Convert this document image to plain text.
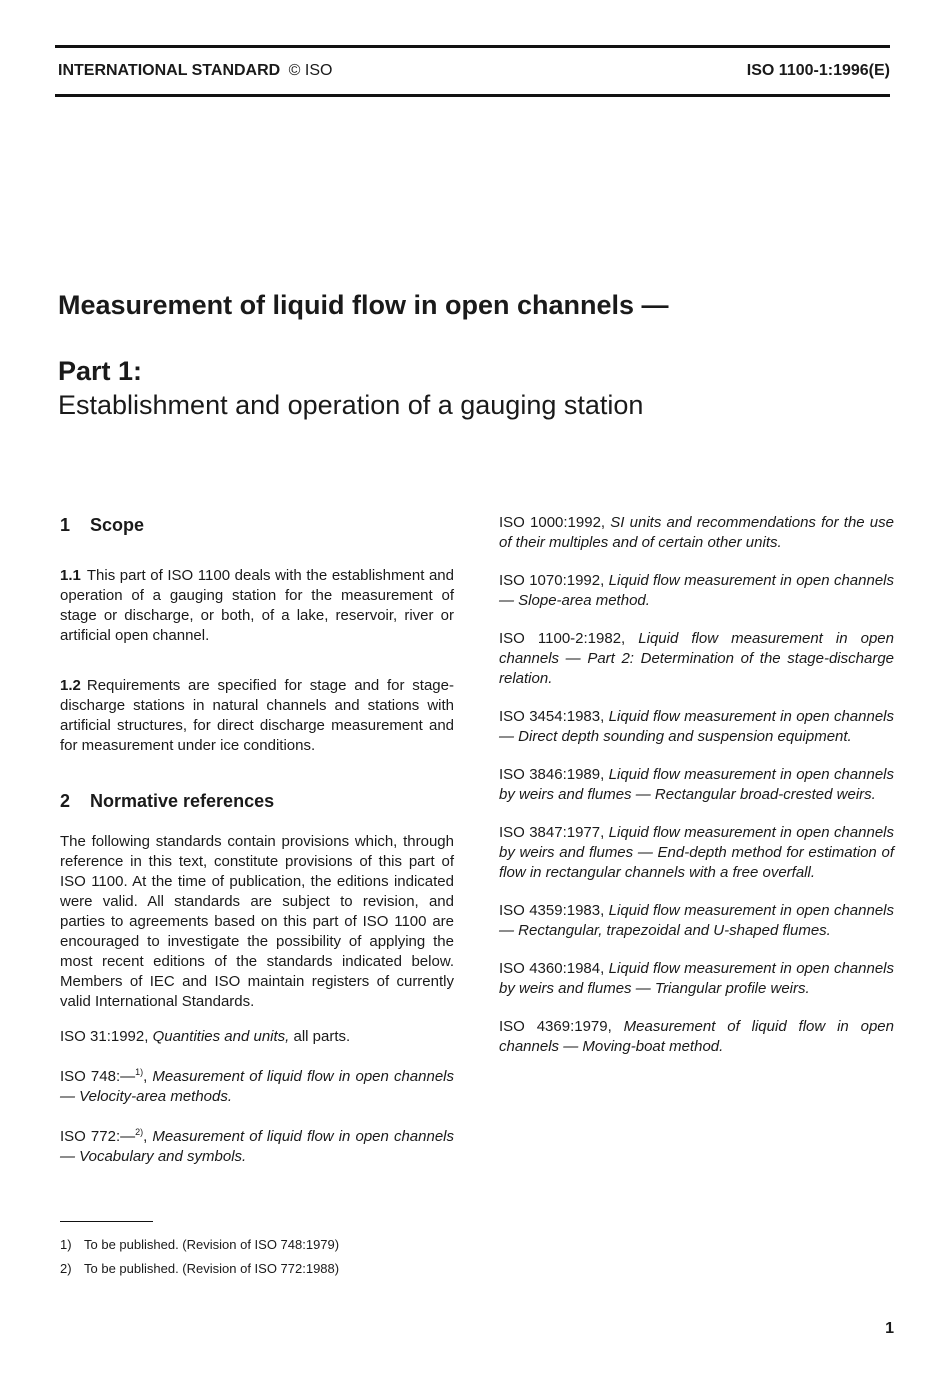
INTERNATIONAL STANDARD © ISO	ISO 1100-1:1996(E)
Measurement of liquid flow in open channels —
Part 1:
Establishment and operation of a gauging station
1 Scope

1.1 This part of ISO 1100 deals with the establishment and operation of a gauging station for the measurement of stage or discharge, or both, of a lake, reservoir, river or artificial open channel.

1.2 Requirements are specified for stage and for stage-discharge stations in natural channels and stations with artificial structures, for direct discharge measurement and for measurement under ice conditions.

2 Normative references

The following standards contain provisions which, through reference in this text, constitute provisions of this part of ISO 1100. At the time of publication, the editions indicated were valid. All standards are subject to revision, and parties to agreements based on this part of ISO 1100 are encouraged to investigate the possibility of applying the most recent editions of the standards indicated below. Members of IEC and ISO maintain registers of currently valid International Standards.

ISO 31:1992, Quantities and units, all parts.

ISO 748:—$^{1)}$, Measurement of liquid flow in open channels — Velocity-area methods.

ISO 772:—$^{2)}$, Measurement of liquid flow in open channels — Vocabulary and symbols.

ISO 1000:1992, SI units and recommendations for the use of their multiples and of certain other units.

ISO 1070:1992, Liquid flow measurement in open channels — Slope-area method.

ISO 1100-2:1982, Liquid flow measurement in open channels — Part 2: Determination of the stage-discharge relation.

ISO 3454:1983, Liquid flow measurement in open channels — Direct depth sounding and suspension equipment.

ISO 3846:1989, Liquid flow measurement in open channels by weirs and flumes — Rectangular broad-crested weirs.

ISO 3847:1977, Liquid flow measurement in open channels by weirs and flumes — End-depth method for estimation of flow in rectangular channels with a free overfall.

ISO 4359:1983, Liquid flow measurement in open channels — Rectangular, trapezoidal and U-shaped flumes.

ISO 4360:1984, Liquid flow measurement in open channels by weirs and flumes — Triangular profile weirs.

ISO 4369:1979, Measurement of liquid flow in open channels — Moving-boat method.

1) To be published. (Revision of ISO 748:1979)
2) To be published. (Revision of ISO 772:1988)
1
